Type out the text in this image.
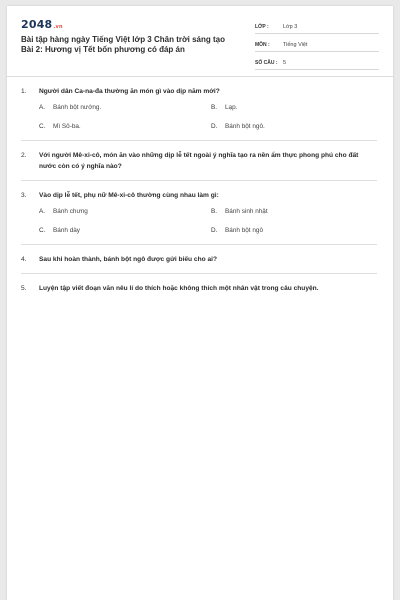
2048.vn
Bài tập hàng ngày Tiếng Việt lớp 3 Chân trời sáng tạo Bài 2: Hương vị Tết bốn phương có đáp án
LỚP :	Lớp 3
MÔN :	Tiếng Việt
SỐ CÂU :	5
1.	Người dân Ca-na-đa thường ăn món gì vào dịp năm mới?
A.	Bánh bột nướng.	B.	Lạp.
C.	Mì Sô-ba.	D.	Bánh bột ngô.
2.	Với người Mê-xi-cô, món ăn vào những dịp lễ tết ngoài ý nghĩa tạo ra nền ẩm thực phong phú cho đất nước còn có ý nghĩa nào?
3.	Vào dịp lễ tết, phụ nữ Mê-xi-cô thường cùng nhau làm gì:
A.	Bánh chưng	B.	Bánh sinh nhật
C.	Bánh dày	D.	Bánh bột ngô
4.	Sau khi hoàn thành, bánh bột ngô được gửi biếu cho ai?
5.	Luyện tập viết đoạn văn nêu lí do thích hoặc không thích một nhân vật trong câu chuyện.
